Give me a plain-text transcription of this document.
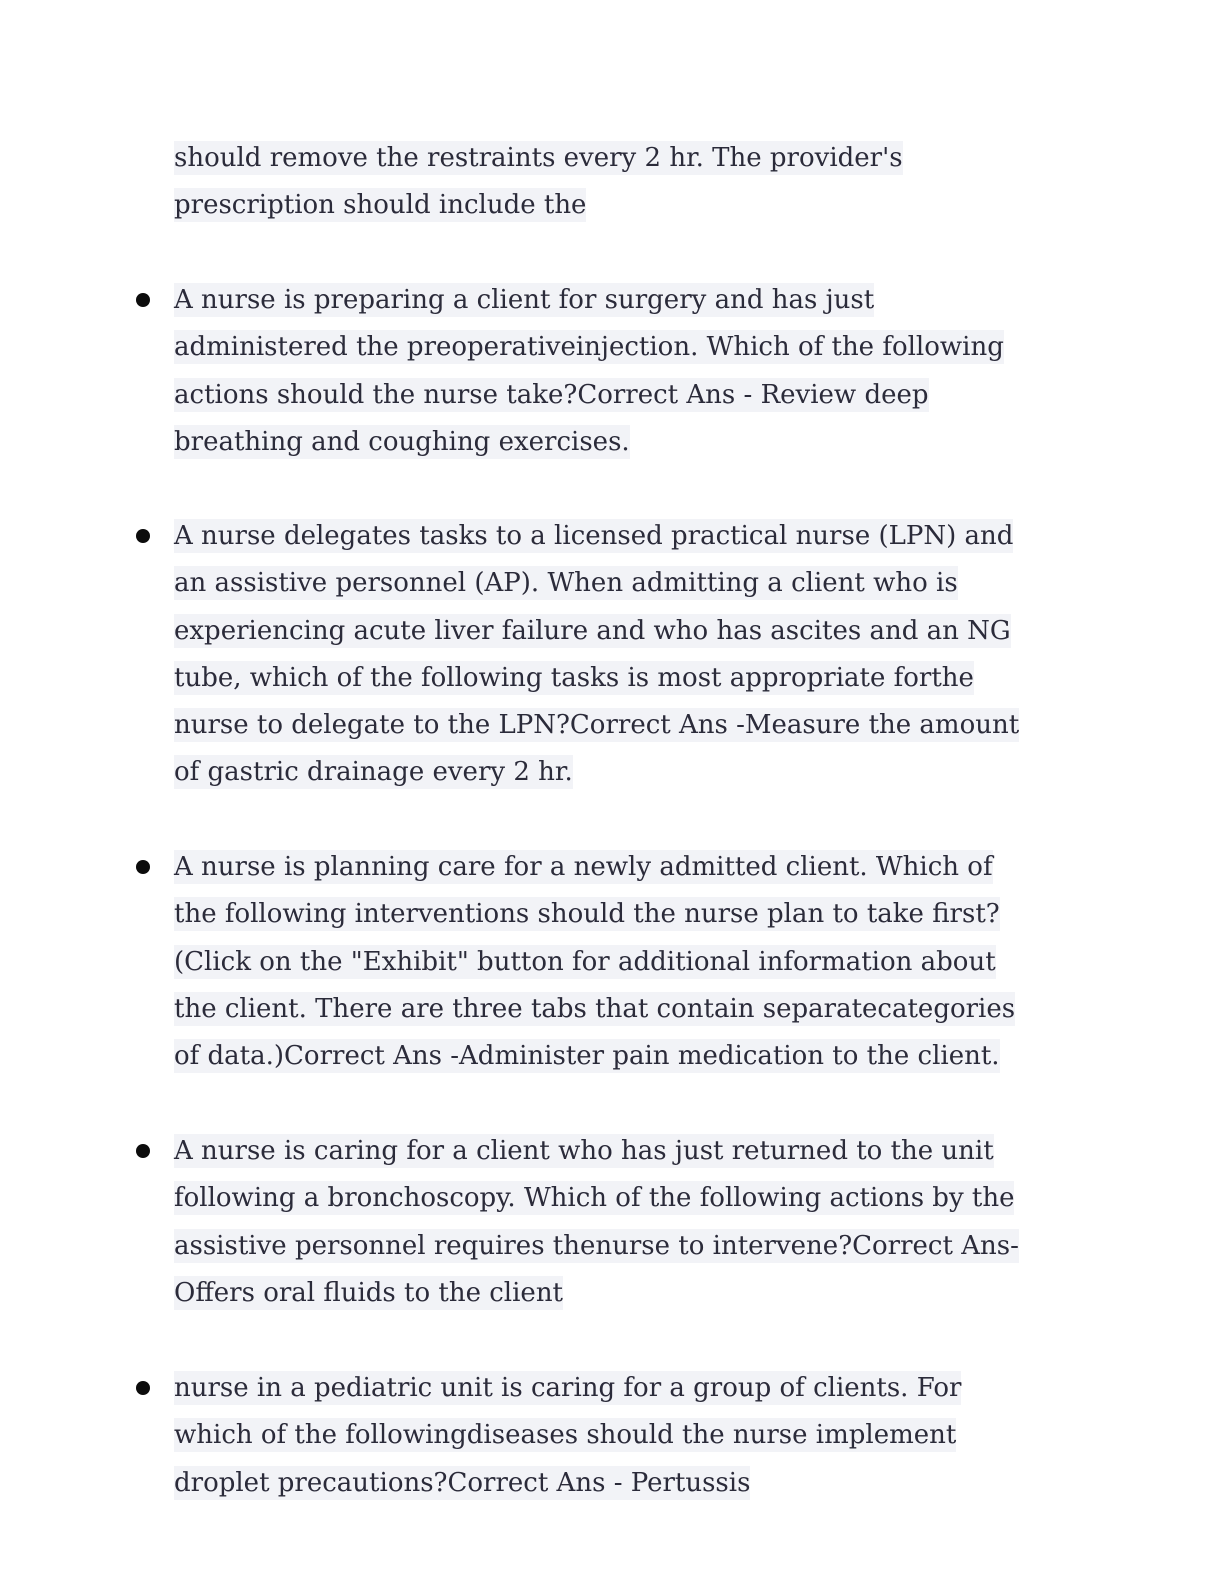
should remove the restraints every 2 hr. The provider's
prescription should include the
A nurse is preparing a client for surgery and has just
administered the preoperativeinjection. Which of the following
actions should the nurse take?Correct Ans - Review deep
breathing and coughing exercises.
A nurse delegates tasks to a licensed practical nurse (LPN) and
an assistive personnel (AP). When admitting a client who is
experiencing acute liver failure and who has ascites and an NG
tube, which of the following tasks is most appropriate forthe
nurse to delegate to the LPN?Correct Ans -Measure the amount
of gastric drainage every 2 hr.
A nurse is planning care for a newly admitted client. Which of
the following interventions should the nurse plan to take first?
(Click on the "Exhibit" button for additional information about
the client. There are three tabs that contain separatecategories
of data.)Correct Ans -Administer pain medication to the client.
A nurse is caring for a client who has just returned to the unit
following a bronchoscopy. Which of the following actions by the
assistive personnel requires thenurse to intervene?Correct Ans-
Offers oral fluids to the client
nurse in a pediatric unit is caring for a group of clients. For
which of the followingdiseases should the nurse implement
droplet precautions?Correct Ans - Pertussis
